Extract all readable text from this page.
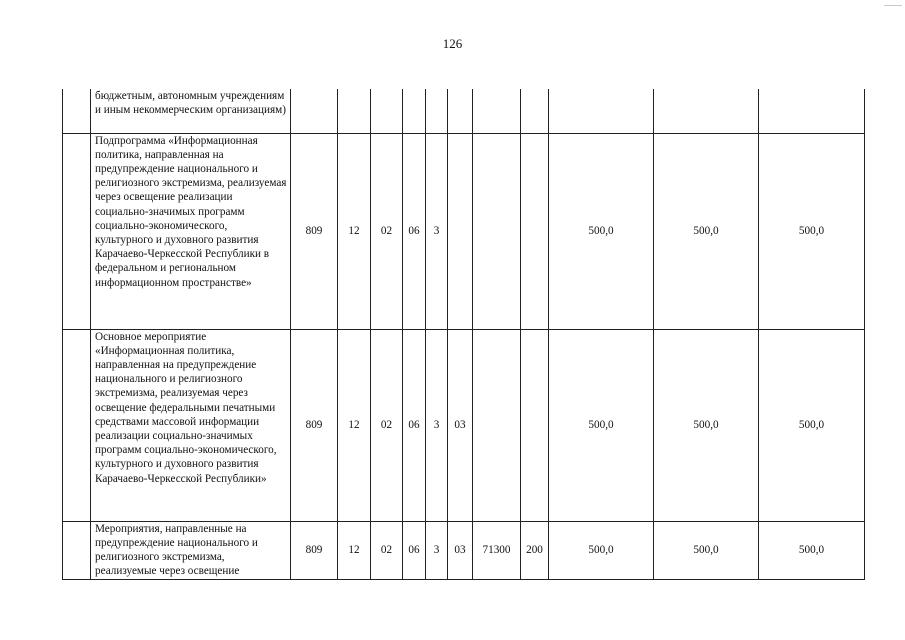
126
	бюджетным, автономным учреждениям и иным некоммерческим организациям)											
	Подпрограмма «Информационная политика, направленная на предупреждение национального и религиозного экстремизма, реализуемая через освещение реализации социально-значимых программ социально-экономического, культурного и духовного развития Карачаево-Черкесской Республики в федеральном и региональном информационном пространстве»	809	12	02	06	3				500,0	500,0	500,0
	Основное мероприятие «Информационная политика, направленная на предупреждение национального и религиозного экстремизма, реализуемая через освещение федеральными печатными средствами массовой информации реализации социально-значимых программ социально-экономического, культурного и духовного развития Карачаево-Черкесской Республики»	809	12	02	06	3	03			500,0	500,0	500,0
	Мероприятия, направленные на предупреждение национального и религиозного экстремизма, реализуемые через освещение	809	12	02	06	3	03	71300	200	500,0	500,0	500,0
